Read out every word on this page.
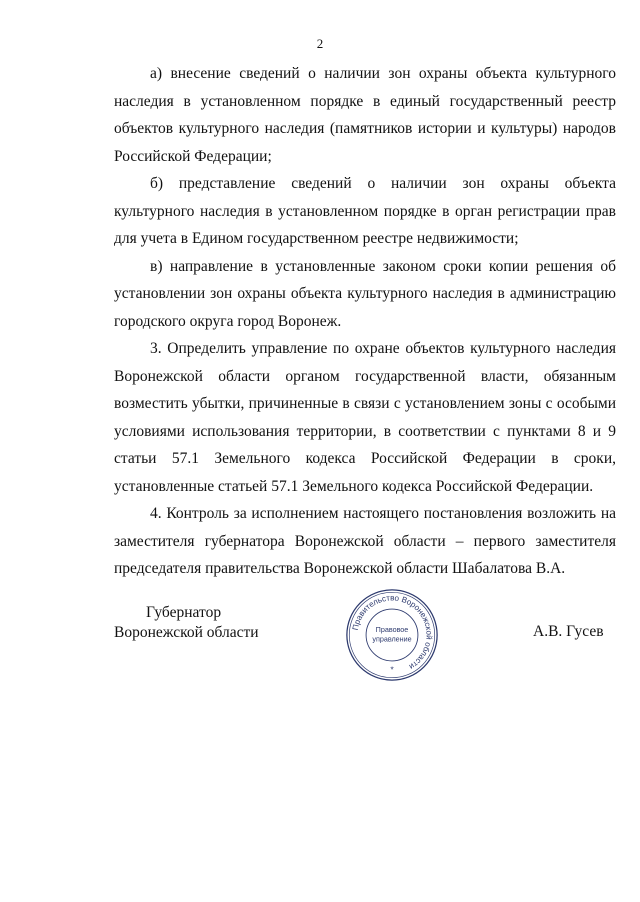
2

а) внесение сведений о наличии зон охраны объекта культурного наследия в установленном порядке в единый государственный реестр объектов культурного наследия (памятников истории и культуры) народов Российской Федерации;

б) представление сведений о наличии зон охраны объекта культурного наследия в установленном порядке в орган регистрации прав для учета в Едином государственном реестре недвижимости;

в) направление в установленные законом сроки копии решения об установлении зон охраны объекта культурного наследия в администрацию городского округа город Воронеж.

3. Определить управление по охране объектов культурного наследия Воронежской области органом государственной власти, обязанным возместить убытки, причиненные в связи с установлением зоны с особыми условиями использования территории, в соответствии с пунктами 8 и 9 статьи 57.1 Земельного кодекса Российской Федерации в сроки, установленные статьей 57.1 Земельного кодекса Российской Федерации.

4. Контроль за исполнением настоящего постановления возложить на заместителя губернатора Воронежской области – первого заместителя председателя правительства Воронежской области Шабалатова В.А.

Губернатор
Воронежской области	Правительство Воронежской области
Правовое
управление
*
А.В. Гусев
